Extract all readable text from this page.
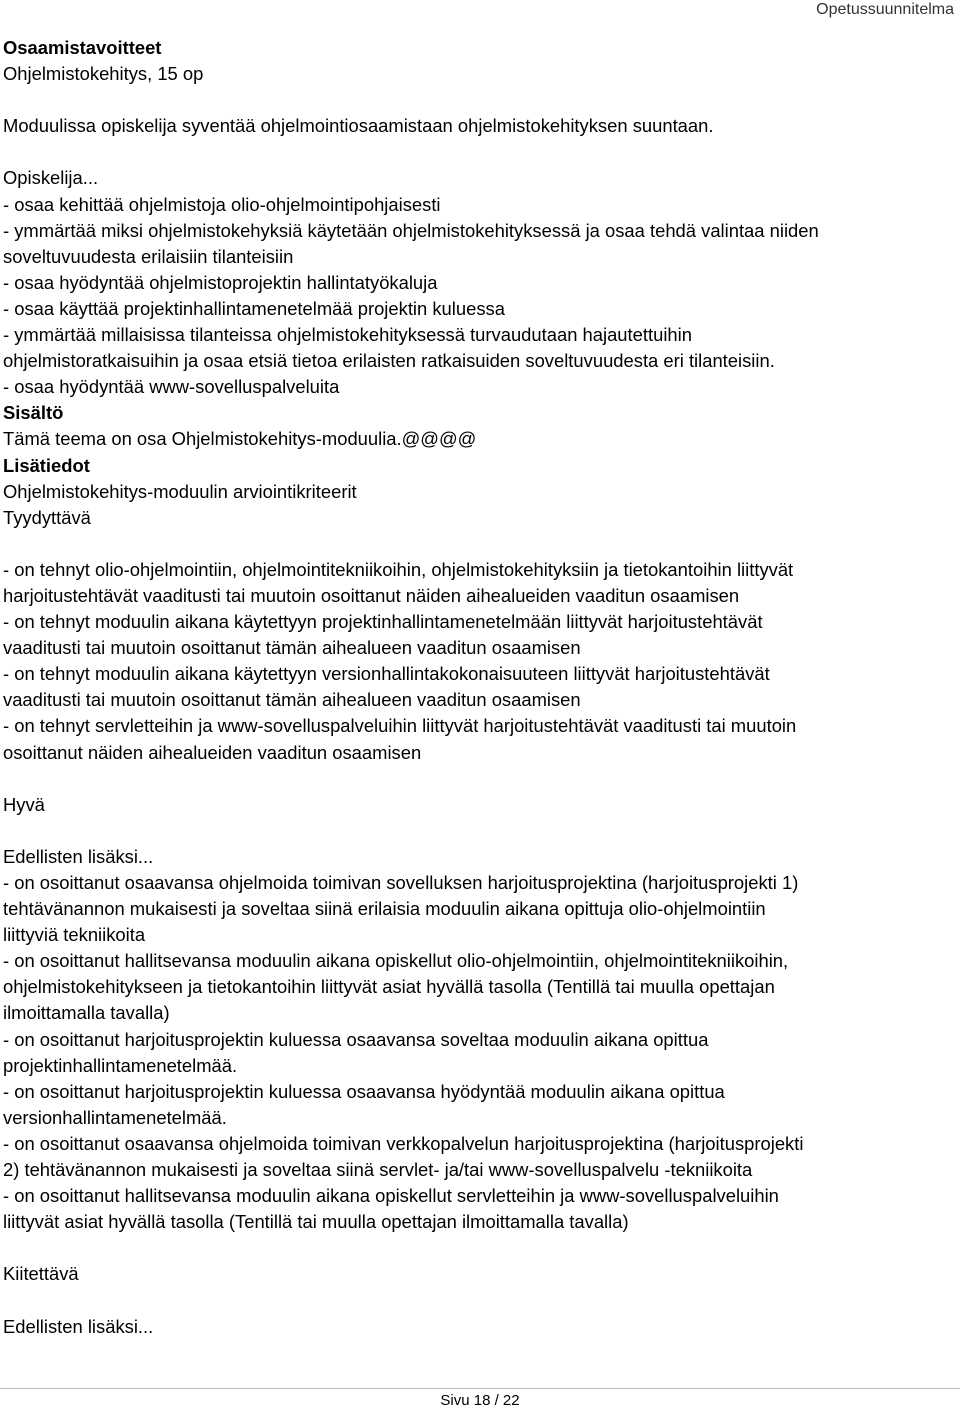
Opetussuunnitelma
Osaamistavoitteet
Ohjelmistokehitys, 15 op
Moduulissa opiskelija syventää ohjelmointiosaamistaan ohjelmistokehityksen suuntaan.
Opiskelija...
- osaa kehittää ohjelmistoja olio-ohjelmointipohjaisesti
- ymmärtää miksi ohjelmistokehyksiä käytetään ohjelmistokehityksessä ja osaa tehdä valintaa niiden
soveltuvuudesta erilaisiin tilanteisiin
- osaa hyödyntää ohjelmistoprojektin hallintatyökaluja
- osaa käyttää projektinhallintamenetelmää projektin kuluessa
- ymmärtää millaisissa tilanteissa ohjelmistokehityksessä turvaudutaan hajautettuihin
ohjelmistoratkaisuihin ja osaa etsiä tietoa erilaisten ratkaisuiden soveltuvuudesta eri tilanteisiin.
- osaa hyödyntää www-sovelluspalveluita
Sisältö
Tämä teema on osa Ohjelmistokehitys-moduulia.@@@@
Lisätiedot
Ohjelmistokehitys-moduulin arviointikriteerit
Tyydyttävä
- on tehnyt olio-ohjelmointiin, ohjelmointitekniikoihin, ohjelmistokehityksiin ja tietokantoihin liittyvät
harjoitustehtävät vaaditusti tai muutoin osoittanut näiden aihealueiden vaaditun osaamisen
- on tehnyt moduulin aikana käytettyyn projektinhallintamenetelmään liittyvät harjoitustehtävät
vaaditusti tai muutoin osoittanut tämän aihealueen vaaditun osaamisen
- on tehnyt moduulin aikana käytettyyn versionhallintakokonaisuuteen liittyvät harjoitustehtävät
vaaditusti tai muutoin osoittanut tämän aihealueen vaaditun osaamisen
- on tehnyt servletteihin ja www-sovelluspalveluihin liittyvät harjoitustehtävät vaaditusti tai muutoin
osoittanut näiden aihealueiden vaaditun osaamisen
Hyvä
Edellisten lisäksi...
- on osoittanut osaavansa ohjelmoida toimivan sovelluksen harjoitusprojektina (harjoitusprojekti 1)
tehtävänannon mukaisesti ja soveltaa siinä erilaisia moduulin aikana opittuja olio-ohjelmointiin
liittyviä tekniikoita
- on osoittanut hallitsevansa moduulin aikana opiskellut olio-ohjelmointiin, ohjelmointitekniikoihin,
ohjelmistokehitykseen ja tietokantoihin liittyvät asiat hyvällä tasolla (Tentillä tai muulla opettajan
ilmoittamalla tavalla)
- on osoittanut harjoitusprojektin kuluessa osaavansa soveltaa moduulin aikana opittua
projektinhallintamenetelmää.
- on osoittanut harjoitusprojektin kuluessa osaavansa hyödyntää moduulin aikana opittua
versionhallintamenetelmää.
- on osoittanut osaavansa ohjelmoida toimivan verkkopalvelun harjoitusprojektina (harjoitusprojekti
2) tehtävänannon mukaisesti ja soveltaa siinä servlet- ja/tai www-sovelluspalvelu -tekniikoita
- on osoittanut hallitsevansa moduulin aikana opiskellut servletteihin ja www-sovelluspalveluihin
liittyvät asiat hyvällä tasolla (Tentillä tai muulla opettajan ilmoittamalla tavalla)
Kiitettävä
Edellisten lisäksi...
Sivu 18 / 22
